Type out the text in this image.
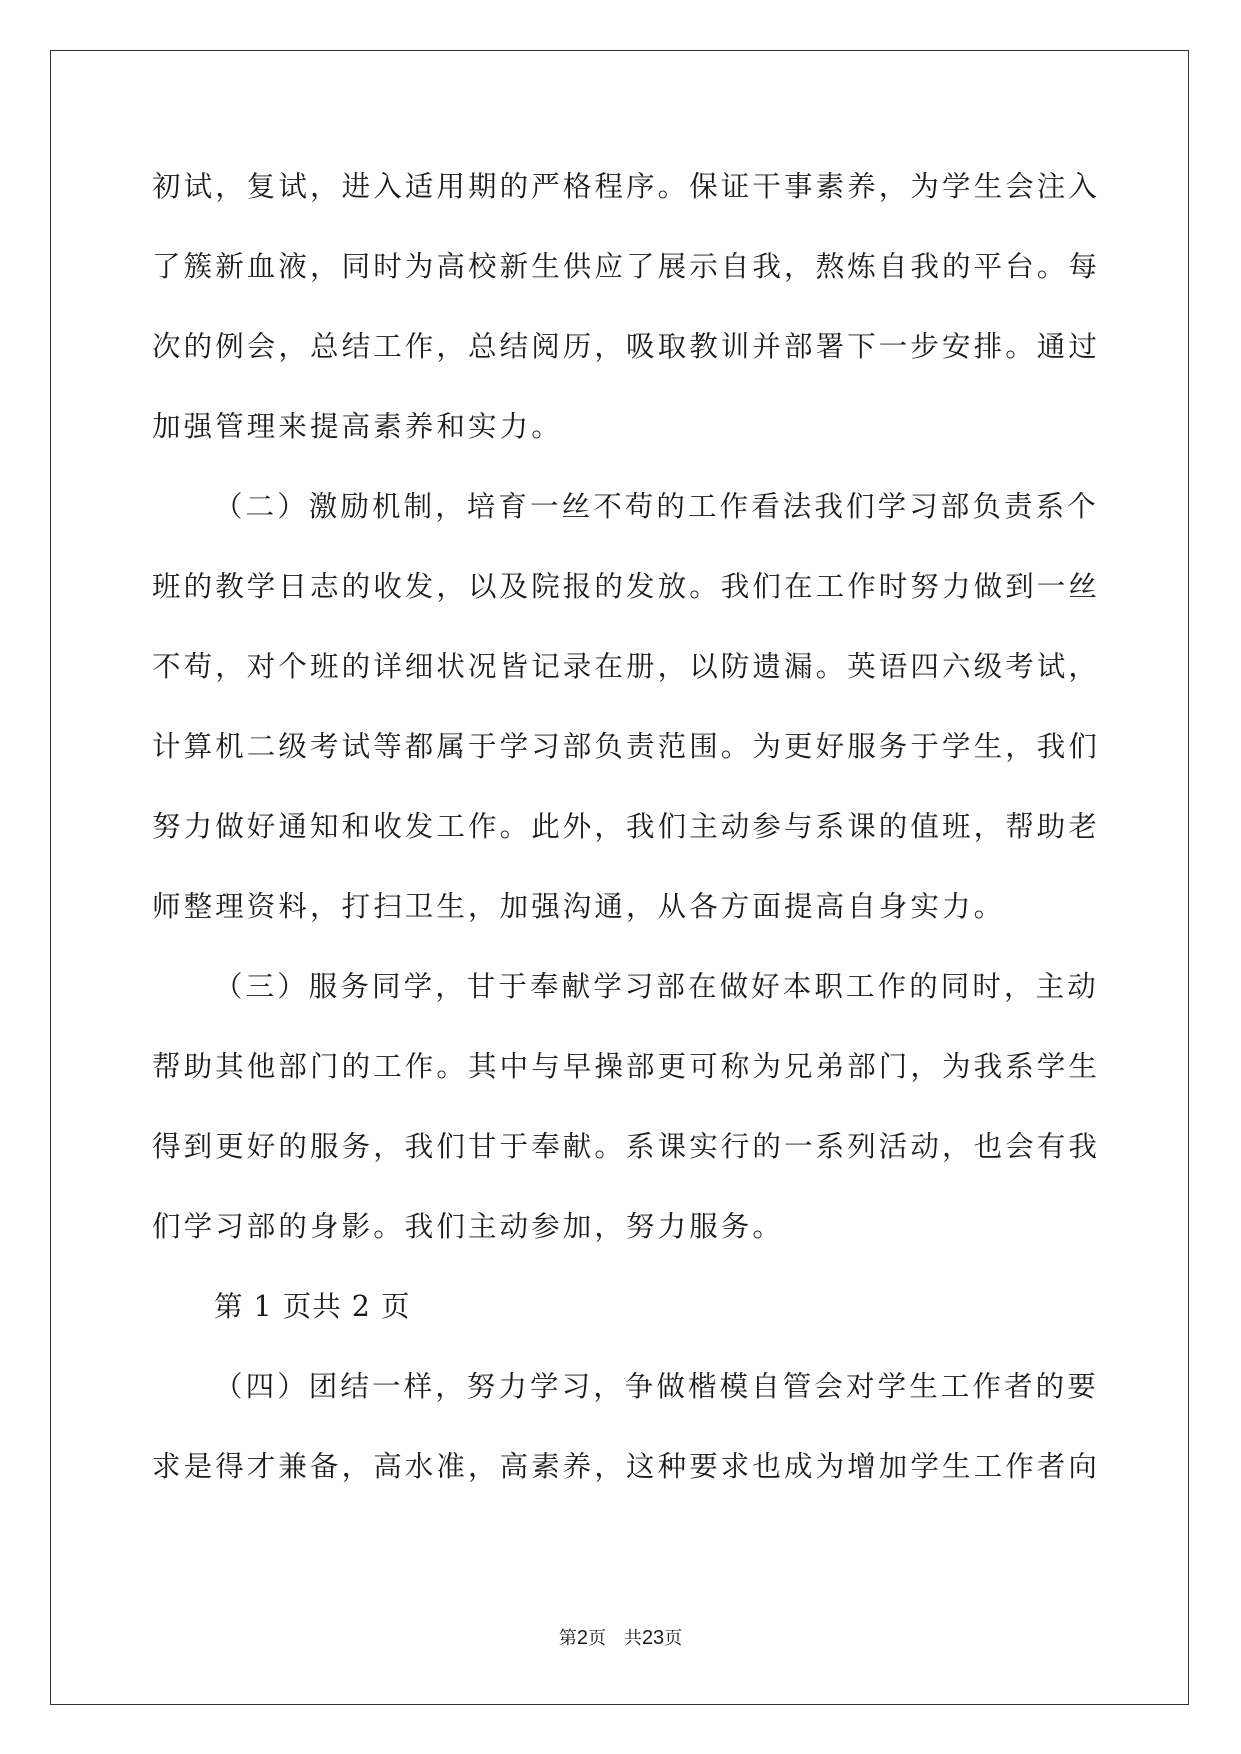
初试，复试，进入适用期的严格程序。保证干事素养，为学生会注入
了簇新血液，同时为高校新生供应了展示自我，熬炼自我的平台。每
次的例会，总结工作，总结阅历，吸取教训并部署下一步安排。通过
加强管理来提高素养和实力。
（二）激励机制，培育一丝不苟的工作看法我们学习部负责系个
班的教学日志的收发，以及院报的发放。我们在工作时努力做到一丝
不苟，对个班的详细状况皆记录在册，以防遗漏。英语四六级考试，
计算机二级考试等都属于学习部负责范围。为更好服务于学生，我们
努力做好通知和收发工作。此外，我们主动参与系课的值班，帮助老
师整理资料，打扫卫生，加强沟通，从各方面提高自身实力。
（三）服务同学，甘于奉献学习部在做好本职工作的同时，主动
帮助其他部门的工作。其中与早操部更可称为兄弟部门，为我系学生
得到更好的服务，我们甘于奉献。系课实行的一系列活动，也会有我
们学习部的身影。我们主动参加，努力服务。
第 1 页共 2 页
（四）团结一样，努力学习，争做楷模自管会对学生工作者的要
求是得才兼备，高水准，高素养，这种要求也成为增加学生工作者向
第2页　共23页
